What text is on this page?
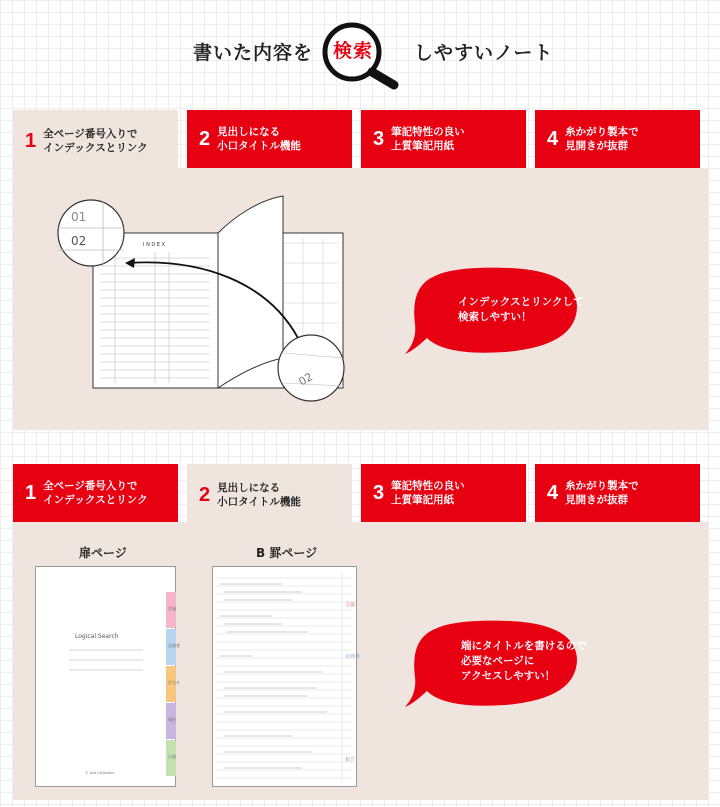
書いた内容を	検索	しやすいノート
1 全ページ番号入りで
インデックスとリンク	2 見出しになる
小口タイトル機能	3 筆記特性の良い
上質筆記用紙	4 糸かがり製本で
見開きが抜群
I N D E X
01
02
02
インデックスとリンクして
検索しやすい！
1 全ページ番号入りで
インデックスとリンク	2 見出しになる
小口タイトル機能	3 筆記特性の良い
上質筆記用紙	4 糸かがり製本で
見開きが抜群
扉ページ	B 罫ページ
Logical Search
© and Collection
会議
企画書
打合せ
報告
日報
会議
企画書
報告
端にタイトルを書けるので
必要なページに
アクセスしやすい！
